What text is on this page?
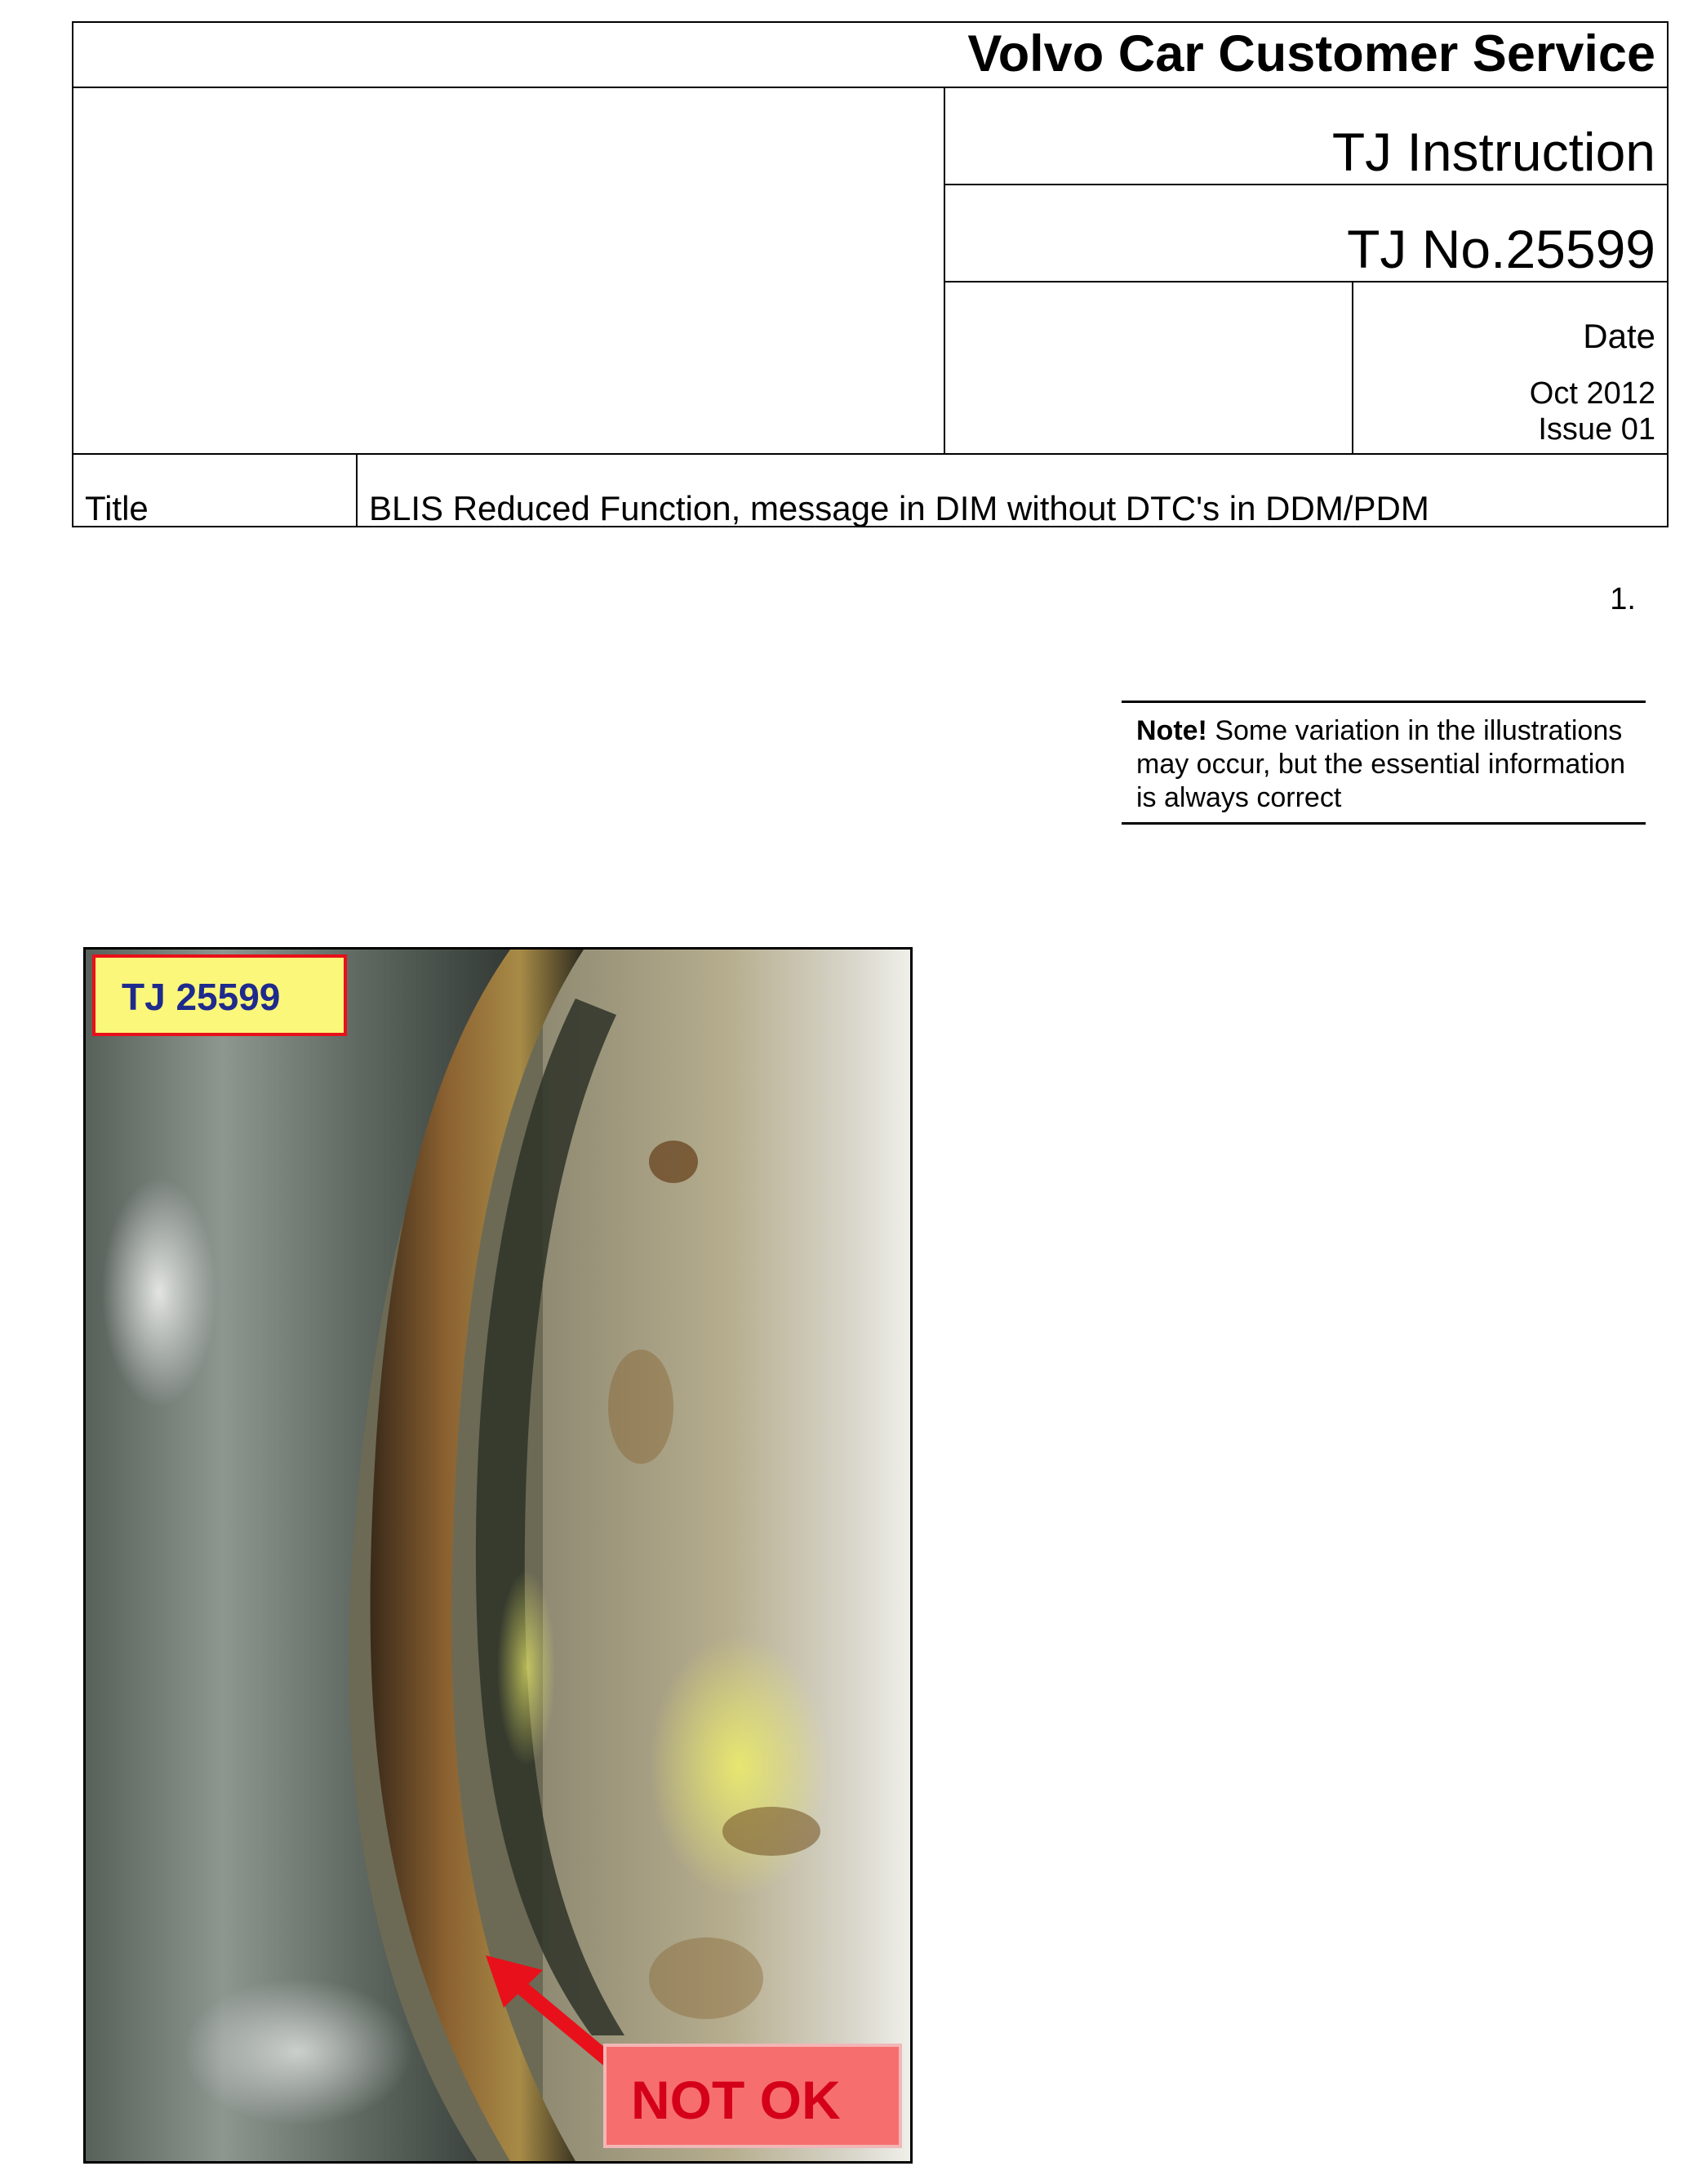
Volvo Car Customer Service
TJ Instruction
TJ No.25599
Date
Oct 2012
Issue 01
Title	BLIS Reduced Function, message in DIM without DTC's in DDM/PDM
1.
Note! Some variation in the illustrations may occur, but the essential information is always correct
TJ 25599
NOT OK
